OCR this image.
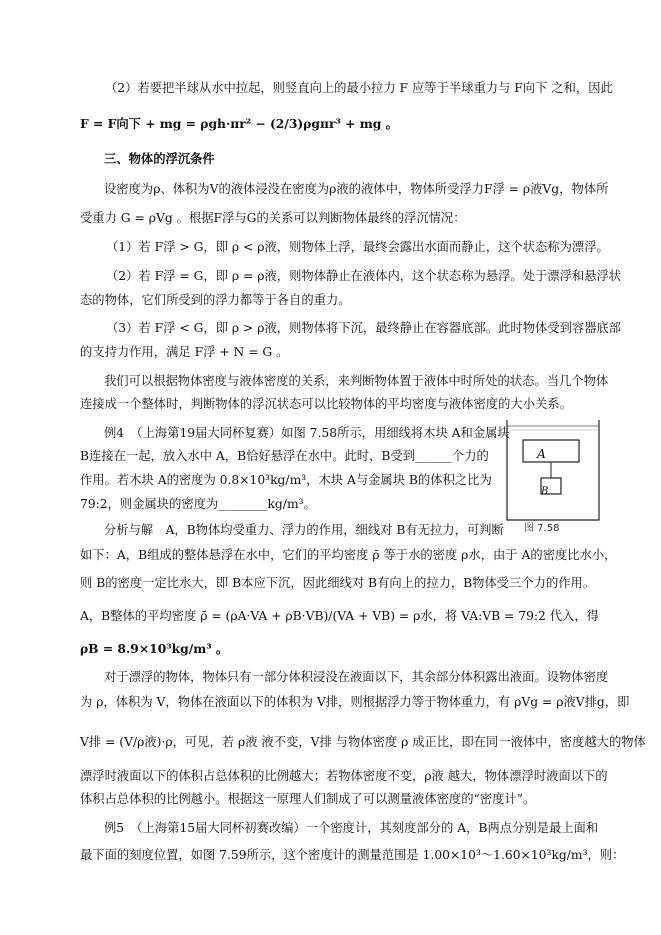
（2）若要把半球从水中拉起，则竖直向上的最小拉力 F 应等于半球重力与 F向下 之和，因此
F = F向下 + mg = ρgh·πr² − (2/3)ρgπr³ + mg 。
三、物体的浮沉条件
设密度为ρ、体积为V的液体浸没在密度为ρ液的液体中，物体所受浮力F浮 = ρ液Vg，物体所
受重力 G = ρVg 。根据F浮与G的关系可以判断物体最终的浮沉情况：
（1）若 F浮 > G，即 ρ < ρ液，则物体上浮，最终会露出水面而静止，这个状态称为漂浮。
（2）若 F浮 = G，即 ρ = ρ液，则物体静止在液体内，这个状态称为悬浮。处于漂浮和悬浮状
态的物体，它们所受到的浮力都等于各自的重力。
（3）若 F浮 < G，即 ρ > ρ液，则物体将下沉，最终静止在容器底部。此时物体受到容器底部
的支持力作用，满足 F浮 + N = G 。
我们可以根据物体密度与液体密度的关系，来判断物体置于液体中时所处的状态。当几个物体
连接成一个整体时，判断物体的浮沉状态可以比较物体的平均密度与液体密度的大小关系。
例4　（上海第19届大同杯复赛）如图 7.58所示，用细线将木块 A和金属块
B连接在一起，放入水中 A，B恰好悬浮在水中。此时，B受到______个力的
作用。若木块 A的密度为 0.8×10³kg/m³，木块 A与金属块 B的体积之比为
79:2，则金属块的密度为________kg/m³。
分析与解　A，B物体均受重力、浮力的作用，细线对 B有无拉力，可判断
如下：A，B组成的整体悬浮在水中，它们的平均密度 ρ̄ 等于水的密度 ρ水，由于 A的密度比水小，
则 B的密度一定比水大，即 B本应下沉，因此细线对 B有向上的拉力，B物体受三个力的作用。
A，B整体的平均密度 ρ̄ = (ρA·VA + ρB·VB)/(VA + VB) = ρ水，将 VA:VB = 79:2 代入，得
ρB = 8.9×10³kg/m³ 。
对于漂浮的物体，物体只有一部分体积浸没在液面以下，其余部分体积露出液面。设物体密度
为 ρ，体积为 V，物体在液面以下的体积为 V排，则根据浮力等于物体重力，有 ρVg = ρ液V排g，即
V排 = (V/ρ液)·ρ，可见，若 ρ液 液不变，V排 与物体密度 ρ 成正比，即在同一液体中，密度越大的物体
漂浮时液面以下的体积占总体积的比例越大；若物体密度不变，ρ液 越大，物体漂浮时液面以下的
体积占总体积的比例越小。根据这一原理人们制成了可以测量液体密度的“密度计”。
例5　（上海第15届大同杯初赛改编）一个密度计，其刻度部分的 A，B两点分别是最上面和
最下面的刻度位置，如图 7.59所示，这个密度计的测量范围是 1.00×10³～1.60×10³kg/m³，则：
A
B
图 7.58
